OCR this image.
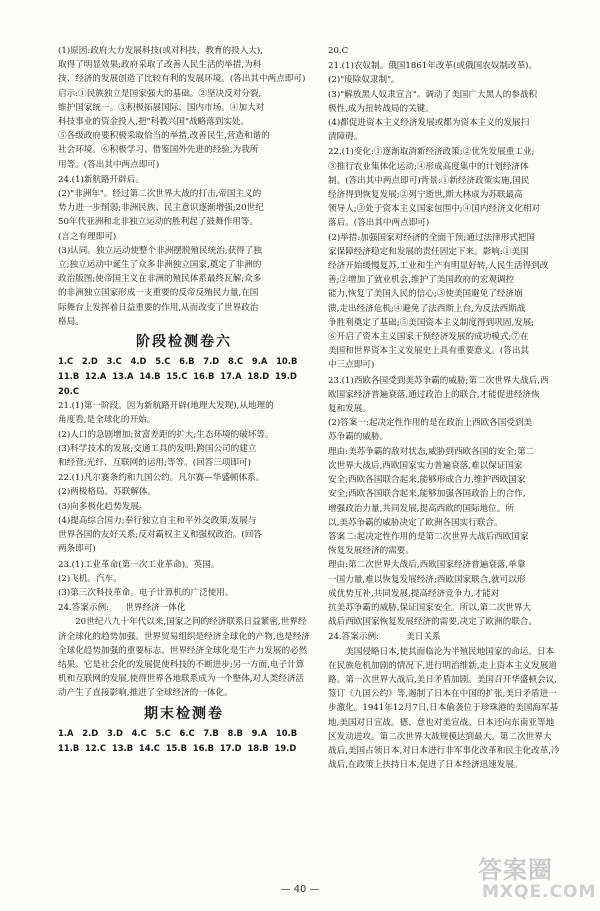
(1)原因:政府大力发展科技(或对科技、教育的投入大),
取得了明显效果;政府采取了改善人民生活的举措,为科
技、经济的发展创造了比较有利的发展环境。(答出其中两点即可)
启示:①民族独立是国家强大的基础。②坚决反对分裂,
维护国家统一。③积极拓展国际、国内市场。④加大对
科技事业的资金投入,把"科教兴国"战略落到实处。
⑤各级政府要积极采取恰当的举措,改善民生,营造和谐的
社会环境。⑥积极学习、借鉴国外先进的经验,为我所
用等。(答出其中两点即可)
24.(1)新航路开辟后。
(2)"非洲年"。经过第二次世界大战的打击,帝国主义的
势力进一步削弱;非洲民族、民主意识逐渐增强;20世纪
50年代亚洲和北非独立运动的胜利起了鼓舞作用等。
(言之有理即可)
(3)认同。独立运动使整个非洲摆脱殖民统治,获得了独
立;独立运动中诞生了众多非洲独立国家,奠定了非洲的
政治版图;使帝国主义在非洲的殖民体系最终瓦解;众多
的非洲独立国家形成一支重要的反帝反殖民力量,在国
际舞台上发挥着日益重要的作用,从而改变了世界政治
格局。
阶段检测卷六
1.C   2.D   3.C   4.D   5.C   6.B   7.D   8.C   9.A   10.B
11.B  12.A  13.A  14.B  15.C  16.B  17.A  18.D  19.D
20.C
21.(1)第一阶段。因为新航路开辟(地理大发现),从地理的
角度看,是全球化的开始。
(2)人口的急剧增加;贫富差距的扩大;生态环境的破坏等。
(3)科学技术的发展;交通工具的发明;跨国公司的建立
和经营;光纤、互联网的运用;等等。(回答三项即可)
22.(1)凡尔赛条约和九国公约。凡尔赛—华盛顿体系。
(2)两极格局。苏联解体。
(3)向多极化趋势发展。
(4)提高综合国力;奉行独立自主和平外交政策;发展与
世界各国的友好关系;反对霸权主义和强权政治。(回答
两条即可)
23.(1)工业革命(第一次工业革命)。英国。
(2)飞机。汽车。
(3)第三次科技革命。电子计算机的广泛使用。
24.答案示例:      世界经济一体化
20世纪八九十年代以来,国家之间的经济联系日益紧密,世界经济全球化的趋势加强。世界贸易组织是经济全球化的产物,也是经济全球化趋势加强的重要标志。世界经济全球化是生产力发展的必然结果。它是社会化的发展促使科技的不断进步;另一方面,电子计算机和互联网的发展,使得世界各地联系成为一个整体,对人类经济活动产生了直接影响,推进了全球经济的一体化。
期末检测卷
1.A   2.D   3.D   4.C   5.C   6.C   7.B   8.B   9.A   10.B
11.B  12.C  13.B  14.C  15.B  16.B  17.D  18.B  19.D
20.C
21.(1)农奴制。俄国1861年改革(或俄国农奴制改革)。
(2)"废除奴隶制"。
(3)"解放黑人奴隶宣言"。调动了美国广大黑人的参战积
极性,成为扭转战局的关键。
(4)都促进资本主义经济发展或都为资本主义的发展扫
清障碍。
22.(1)变化:①逐渐取消新经济政策;②优先发展重工业;
③推行农业集体化运动;④形成高度集中的计划经济体
制。(答出其中两点即可)背景:①新经济政策实施,国民
经济得到恢复发展;②列宁逝世,斯大林成为苏联最高
领导人;③处于资本主义国家包围中;④国内经济文化相对
落后。(答出其中两点即可)
(2)举措:加强国家对经济的全面干预;通过法律形式把国
家保障经济稳定和发展的责任固定下来。影响:①美国
经济开始缓慢复苏,工业和生产有明显好转,人民生活得到改
善;②增加了就业机会,维护了美国政府的宏观调控
能力,恢复了美国人民的信心;③使美国避免了经济崩
溃,走出经济危机;④避免了法西斯上台,为反法西斯战
争胜利奠定了基础;⑤美国资本主义制度得到巩固,发展;
⑥开启了资本主义国家干预经济发展的成功模式;⑦在
美国和世界资本主义发展史上具有重要意义。(答出其
中三点即可)
23.(1)西欧各国受到美苏争霸的威胁;第二次世界大战后,西
欧国家经济普遍衰落,通过政治上的联合,才能促进经济恢
复和发展。
(2)答案一:起决定性作用的是在政治上西欧各国受到美
苏争霸的威胁。
理由:美苏争霸的敌对状态,威胁到西欧各国的安全;第二
次世界大战后,西欧国家实力普遍衰落,难以保证国家
安全;西欧各国联合起来,能够形成合力,维护西欧国家
安全;西欧各国联合起来,能够加强各国政治上的合作,
增强政治力量,共同发展,提高西欧的国际地位。所
以,美苏争霸的威胁决定了欧洲各国实行联合。
答案二:起决定性作用的是第二次世界大战后西欧国家
恢复发展经济的需要。
理由:第二次世界大战后,西欧国家经济普遍衰落,单靠
一国力量,难以恢复发展经济;西欧国家联合,就可以形
成优势互补,共同发展,提高经济竞争力,才能对
抗美苏争霸的威胁,保证国家安全。所以,第二次世界大
战后西欧国家恢复发展经济的需要,决定了欧洲的联合。
24.答案示例:          美日关系
美国侵略日本,使其面临沦为半殖民地国家的命运。日本在民族危机加剧的情况下,进行明治维新,走上资本主义发展道路。第一次世界大战后,美日矛盾加剧。美国召开华盛顿会议,签订《九国公约》等,遏制了日本在中国的扩张,美日矛盾进一步激化。1941年12月7日,日本偷袭位于珍珠港的美国海军基地,美国对日宣战。德、意也对美宣战。日本还向东南亚等地区发动进攻。第二次世界大战规模达到最大。第二次世界大战后,美国占领日本,对日本进行非军事化改革和民主化改革,冷战后,在政策上扶持日本,促进了日本经济迅速发展。
— 40 —
答案圈
MXQE.COM
